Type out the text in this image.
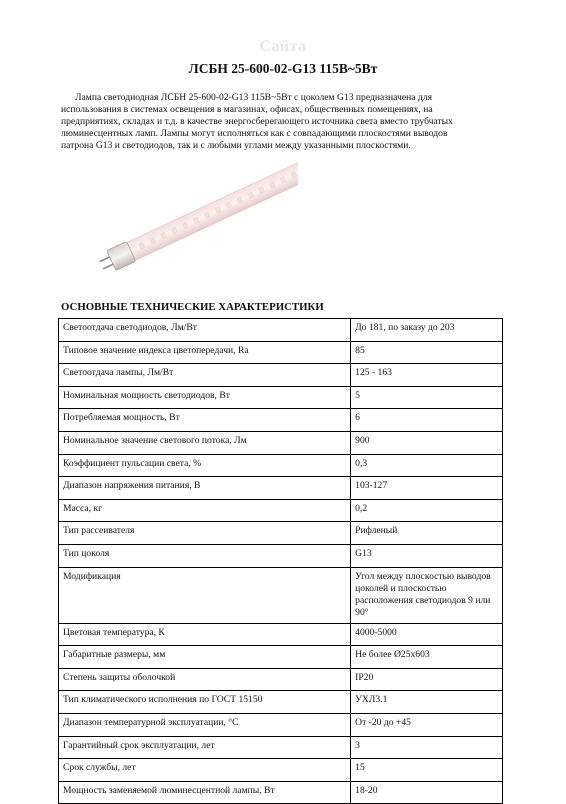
Сайта
ЛСБН 25-600-02-G13 115В~5Вт

Лампа светодиодная ЛСБН 25-600-02-G13 115В~5Вт с цоколем G13 предназначена для использования в системах освещения в магазинах, офисах, общественных помещениях, на предприятиях, складах и т.д. в качестве энергосберегающего источника света вместо трубчатых люминесцентных ламп. Лампы могут исполняться как с совпадающими плоскостями выводов патрона G13 и светодиодов, так и с любыми углами между указанными плоскостями.

ОСНОВНЫЕ ТЕХНИЧЕСКИЕ ХАРАКТЕРИСТИКИ
Светоотдача светодиодов, Лм/Вт	До 181, по заказу до 203
Типовое значение индекса цветопередачи, Ra	85
Светоотдача лампы, Лм/Вт	125 - 163
Номинальная мощность светодиодов, Вт	5
Потребляемая мощность, Вт	6
Номинальное значение светового потока, Лм	900
Коэффициент пульсации света, %	0,3
Диапазон напряжения питания, В	103-127
Масса, кг	0,2
Тип рассеивателя	Рифленый
Тип цоколя	G13
Модификация	Угол между плоскостью выводов цоколей и плоскостью расположения светодиодов 9 или 90°
Цветовая температура, К	4000-5000
Габаритные размеры, мм	Не более Ø25х603
Степень защиты оболочкой	IP20
Тип климатического исполнения по ГОСТ 15150	УХЛ3.1
Диапазон температурной эксплуатации, °С	От -20 до +45
Гарантийный срок эксплуатации, лет	3
Срок службы, лет	15
Мощность заменяемой люминесцентной лампы, Вт	18-20
